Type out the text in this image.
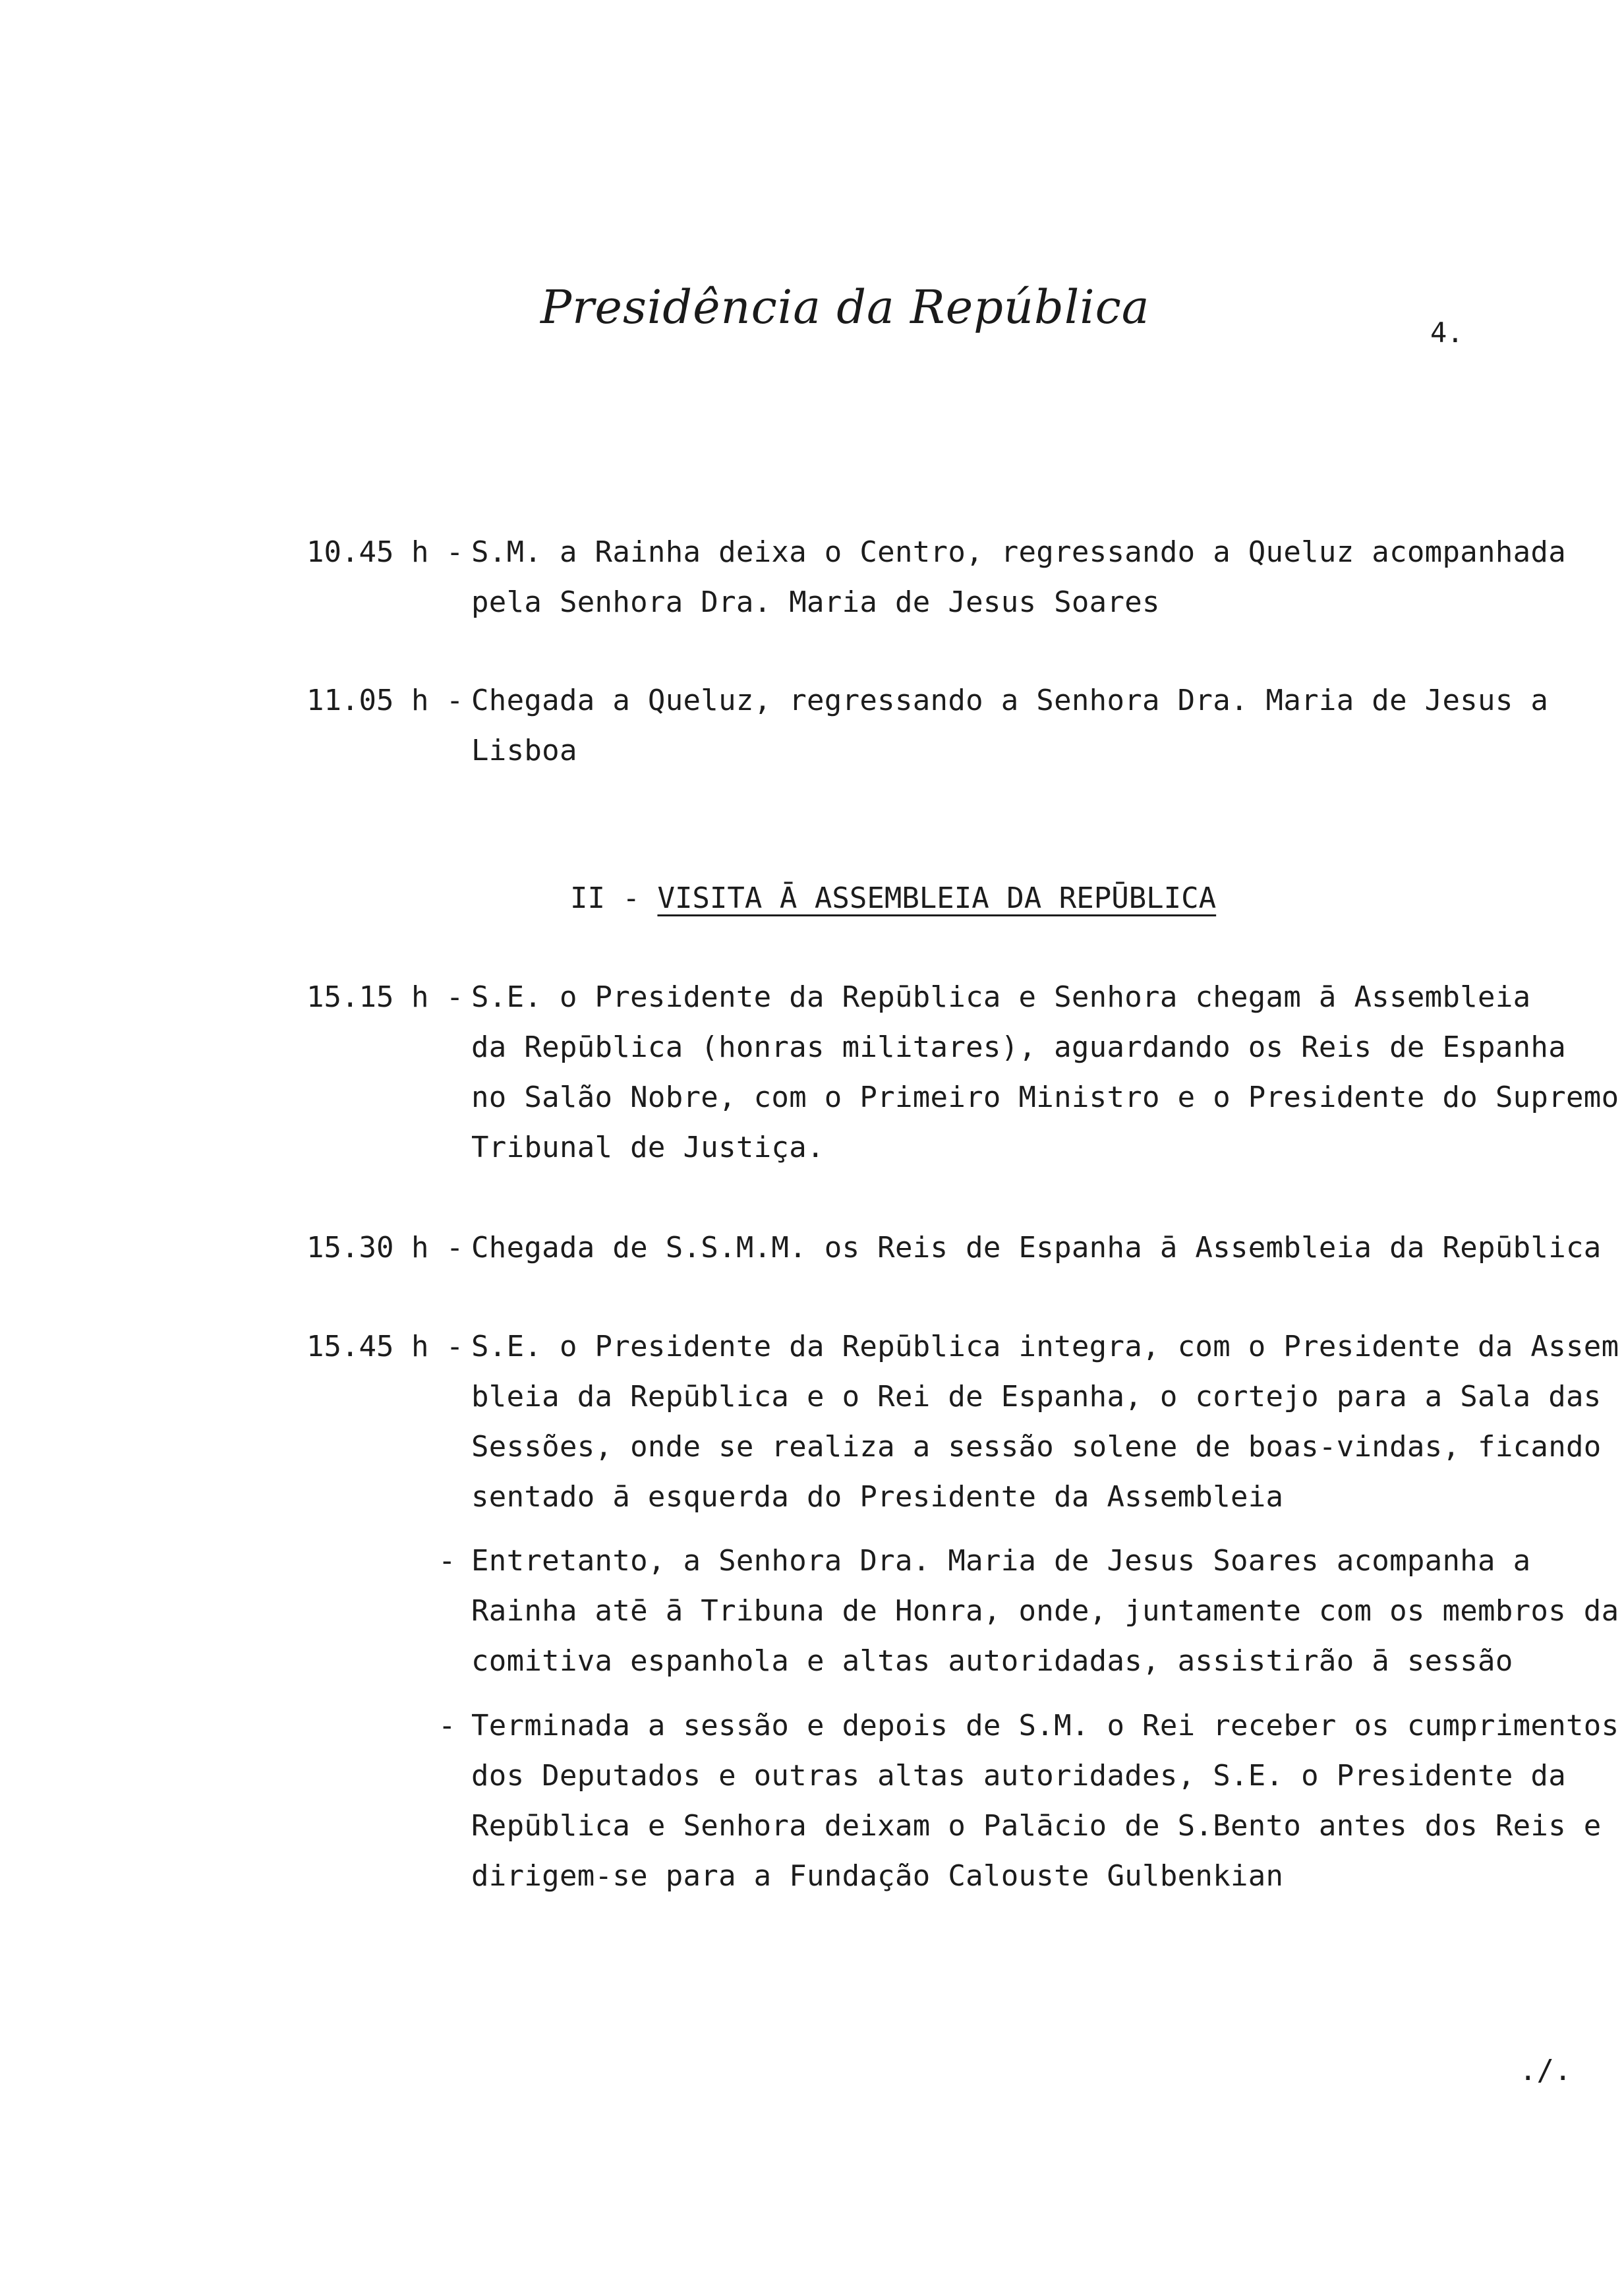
Presidência da República	4.
10.45 h - S.M. a Rainha deixa o Centro, regressando a Queluz acompanhada
pela Senhora Dra. Maria de Jesus Soares
11.05 h - Chegada a Queluz, regressando a Senhora Dra. Maria de Jesus a
Lisboa
II - VISITA Ā ASSEMBLEIA DA REPŪBLICA
15.15 h - S.E. o Presidente da Repūblica e Senhora chegam ā Assembleia
da Repūblica (honras militares), aguardando os Reis de Espanha
no Salão Nobre, com o Primeiro Ministro e o Presidente do Supremo
Tribunal de Justiça.
15.30 h - Chegada de S.S.M.M. os Reis de Espanha ā Assembleia da Repūblica
15.45 h - S.E. o Presidente da Repūblica integra, com o Presidente da Assem
bleia da Repūblica e o Rei de Espanha, o cortejo para a Sala das
Sessões, onde se realiza a sessão solene de boas-vindas, ficando
sentado ā esquerda do Presidente da Assembleia
- Entretanto, a Senhora Dra. Maria de Jesus Soares acompanha a
Rainha atē ā Tribuna de Honra, onde, juntamente com os membros da
comitiva espanhola e altas autoridadas, assistirão ā sessão
- Terminada a sessão e depois de S.M. o Rei receber os cumprimentos
dos Deputados e outras altas autoridades, S.E. o Presidente da
Repūblica e Senhora deixam o Palācio de S.Bento antes dos Reis e
dirigem-se para a Fundação Calouste Gulbenkian
./.
